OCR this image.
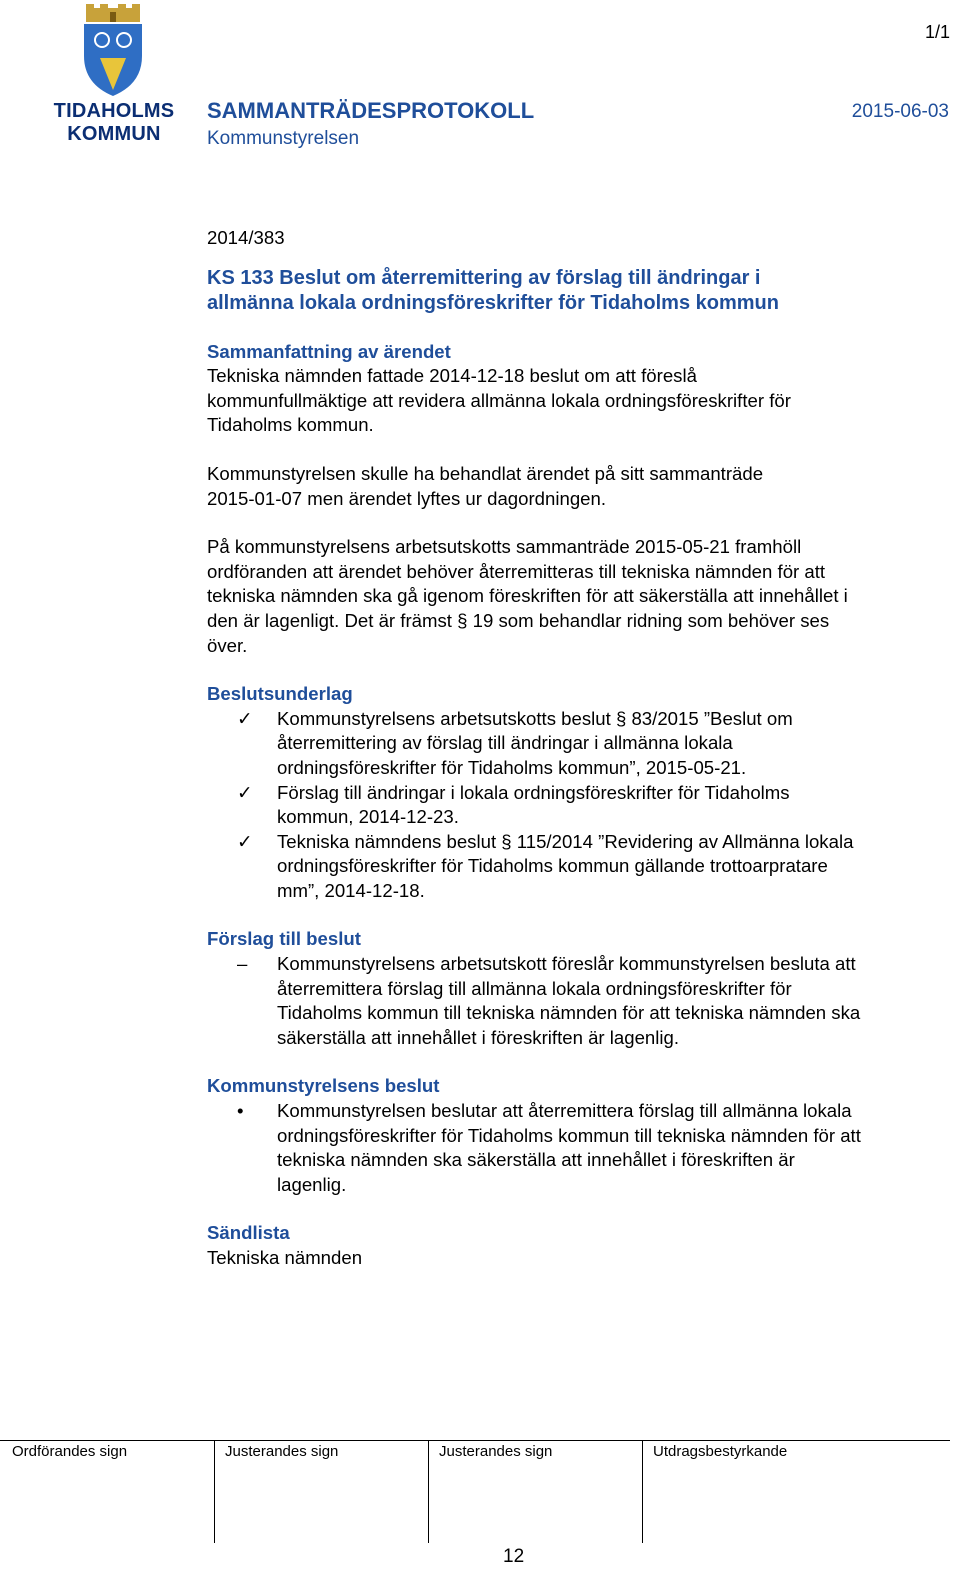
1/1
TIDAHOLMS
KOMMUN
SAMMANTRÄDESPROTOKOLL	2015-06-03
Kommunstyrelsen

2014/383

KS 133 Beslut om återremittering av förslag till ändringar i
allmänna lokala ordningsföreskrifter för Tidaholms kommun
Sammanfattning av ärendet
Tekniska nämnden fattade 2014-12-18 beslut om att föreslå
kommunfullmäktige att revidera allmänna lokala ordningsföreskrifter för
Tidaholms kommun.
Kommunstyrelsen skulle ha behandlat ärendet på sitt sammanträde
2015-01-07 men ärendet lyftes ur dagordningen.
På kommunstyrelsens arbetsutskotts sammanträde 2015-05-21 framhöll
ordföranden att ärendet behöver återremitteras till tekniska nämnden för att
tekniska nämnden ska gå igenom föreskriften för att säkerställa att innehållet i
den är lagenligt. Det är främst § 19 som behandlar ridning som behöver ses
över.
Beslutsunderlag
✓	Kommunstyrelsens arbetsutskotts beslut § 83/2015 ”Beslut om
återremittering av förslag till ändringar i allmänna lokala
ordningsföreskrifter för Tidaholms kommun”, 2015-05-21.
✓	Förslag till ändringar i lokala ordningsföreskrifter för Tidaholms
kommun, 2014-12-23.
✓	Tekniska nämndens beslut § 115/2014 ”Revidering av Allmänna lokala
ordningsföreskrifter för Tidaholms kommun gällande trottoarpratare
mm”, 2014-12-18.
Förslag till beslut
–	Kommunstyrelsens arbetsutskott föreslår kommunstyrelsen besluta att
återremittera förslag till allmänna lokala ordningsföreskrifter för
Tidaholms kommun till tekniska nämnden för att tekniska nämnden ska
säkerställa att innehållet i föreskriften är lagenlig.
Kommunstyrelsens beslut
•	Kommunstyrelsen beslutar att återremittera förslag till allmänna lokala
ordningsföreskrifter för Tidaholms kommun till tekniska nämnden för att
tekniska nämnden ska säkerställa att innehållet i föreskriften är
lagenlig.
Sändlista
Tekniska nämnden
Ordförandes sign	Justerandes sign	Justerandes sign	Utdragsbestyrkande
12
